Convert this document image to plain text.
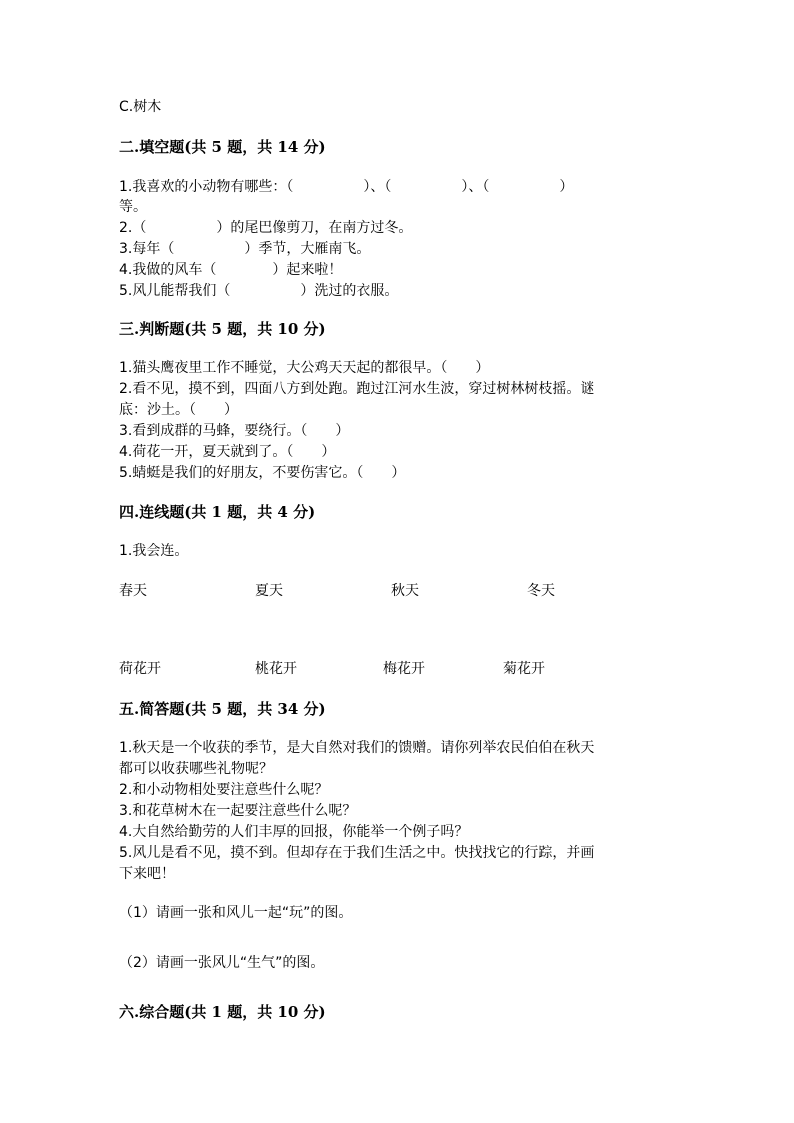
C.树木
二.填空题(共 5 题，共 14 分)
1.我喜欢的小动物有哪些：（　　　　　）、（　　　　　）、（　　　　　）
等。
2.（　　　　　）的尾巴像剪刀，在南方过冬。
3.每年（　　　　　）季节，大雁南飞。
4.我做的风车（　　　　）起来啦！
5.风儿能帮我们（　　　　　）洗过的衣服。
三.判断题(共 5 题，共 10 分)
1.猫头鹰夜里工作不睡觉，大公鸡天天起的都很早。（　　）
2.看不见，摸不到，四面八方到处跑。跑过江河水生波，穿过树林树枝摇。谜
底：沙土。（　　）
3.看到成群的马蜂，要绕行。（　　）
4.荷花一开，夏天就到了。（　　）
5.蜻蜓是我们的好朋友，不要伤害它。（　　）
四.连线题(共 1 题，共 4 分)
1.我会连。
春天	夏天	秋天	冬天
荷花开	桃花开	梅花开	菊花开
五.简答题(共 5 题，共 34 分)
1.秋天是一个收获的季节，是大自然对我们的馈赠。请你列举农民伯伯在秋天
都可以收获哪些礼物呢？
2.和小动物相处要注意些什么呢？
3.和花草树木在一起要注意些什么呢？
4.大自然给勤劳的人们丰厚的回报，你能举一个例子吗？
5.风儿是看不见，摸不到。但却存在于我们生活之中。快找找它的行踪，并画
下来吧！
（1）请画一张和风儿一起“玩”的图。
（2）请画一张风儿“生气”的图。
六.综合题(共 1 题，共 10 分)
